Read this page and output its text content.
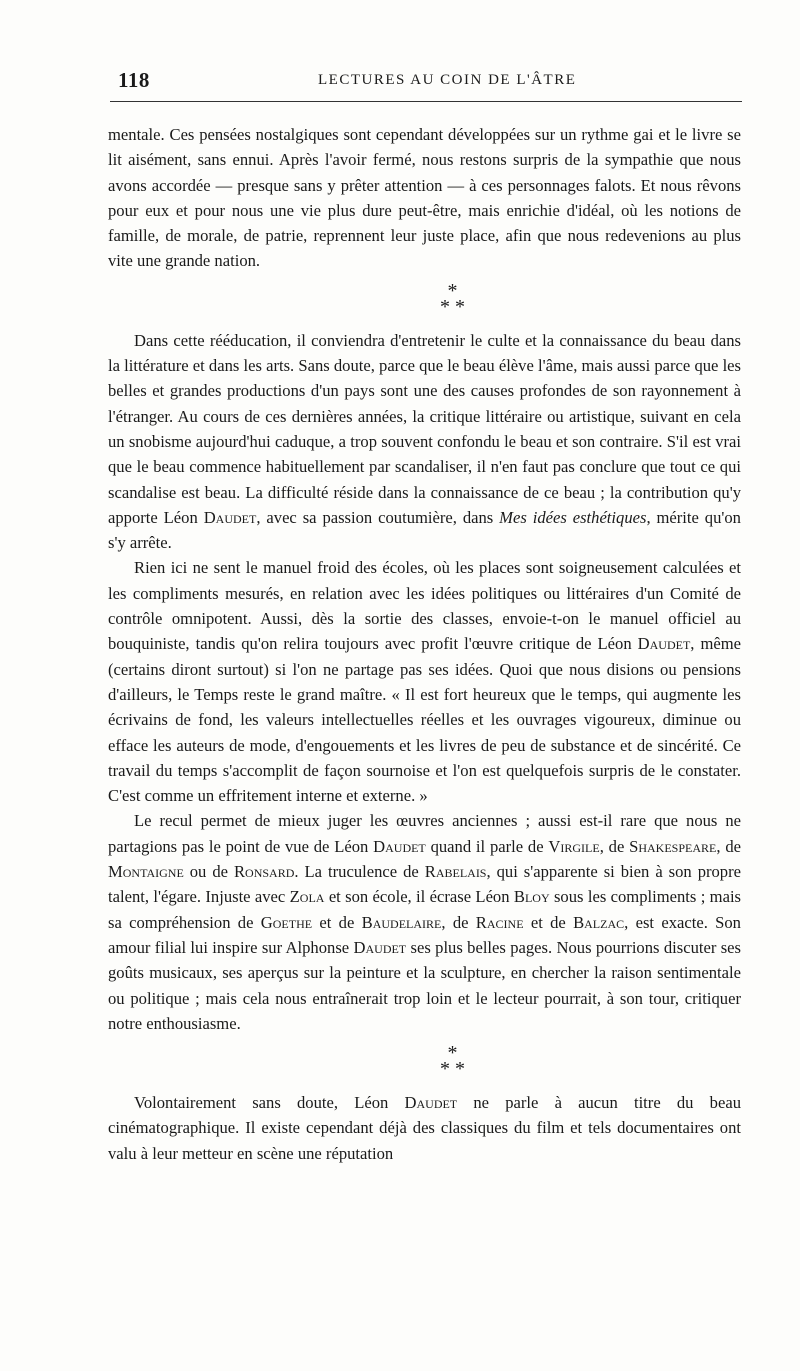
118	LECTURES AU COIN DE L'ÂTRE

mentale. Ces pensées nostalgiques sont cependant développées sur un rythme gai et le livre se lit aisément, sans ennui. Après l'avoir fermé, nous restons surpris de la sympathie que nous avons accordée — presque sans y prêter attention — à ces personnages falots. Et nous rêvons pour eux et pour nous une vie plus dure peut-être, mais enrichie d'idéal, où les notions de famille, de morale, de patrie, reprennent leur juste place, afin que nous redevenions au plus vite une grande nation.

*
* *

Dans cette rééducation, il conviendra d'entretenir le culte et la connaissance du beau dans la littérature et dans les arts. Sans doute, parce que le beau élève l'âme, mais aussi parce que les belles et grandes productions d'un pays sont une des causes profondes de son rayonnement à l'étranger. Au cours de ces dernières années, la critique littéraire ou artistique, suivant en cela un snobisme aujourd'hui caduque, a trop souvent confondu le beau et son contraire. S'il est vrai que le beau commence habituellement par scandaliser, il n'en faut pas conclure que tout ce qui scandalise est beau. La difficulté réside dans la connaissance de ce beau ; la contribution qu'y apporte Léon Daudet, avec sa passion coutumière, dans Mes idées esthétiques, mérite qu'on s'y arrête.

Rien ici ne sent le manuel froid des écoles, où les places sont soigneusement calculées et les compliments mesurés, en relation avec les idées politiques ou littéraires d'un Comité de contrôle omnipotent. Aussi, dès la sortie des classes, envoie-t-on le manuel officiel au bouquiniste, tandis qu'on relira toujours avec profit l'œuvre critique de Léon Daudet, même (certains diront surtout) si l'on ne partage pas ses idées. Quoi que nous disions ou pensions d'ailleurs, le Temps reste le grand maître. « Il est fort heureux que le temps, qui augmente les écrivains de fond, les valeurs intellectuelles réelles et les ouvrages vigoureux, diminue ou efface les auteurs de mode, d'engouements et les livres de peu de substance et de sincérité. Ce travail du temps s'accomplit de façon sournoise et l'on est quelquefois surpris de le constater. C'est comme un effritement interne et externe. »

Le recul permet de mieux juger les œuvres anciennes ; aussi est-il rare que nous ne partagions pas le point de vue de Léon Daudet quand il parle de Virgile, de Shakespeare, de Montaigne ou de Ronsard. La truculence de Rabelais, qui s'apparente si bien à son propre talent, l'égare. Injuste avec Zola et son école, il écrase Léon Bloy sous les compliments ; mais sa compréhension de Goethe et de Baudelaire, de Racine et de Balzac, est exacte. Son amour filial lui inspire sur Alphonse Daudet ses plus belles pages. Nous pourrions discuter ses goûts musicaux, ses aperçus sur la peinture et la sculpture, en chercher la raison sentimentale ou politique ; mais cela nous entraînerait trop loin et le lecteur pourrait, à son tour, critiquer notre enthousiasme.

*
* *

Volontairement sans doute, Léon Daudet ne parle à aucun titre du beau cinématographique. Il existe cependant déjà des classiques du film et tels documentaires ont valu à leur metteur en scène une réputation
